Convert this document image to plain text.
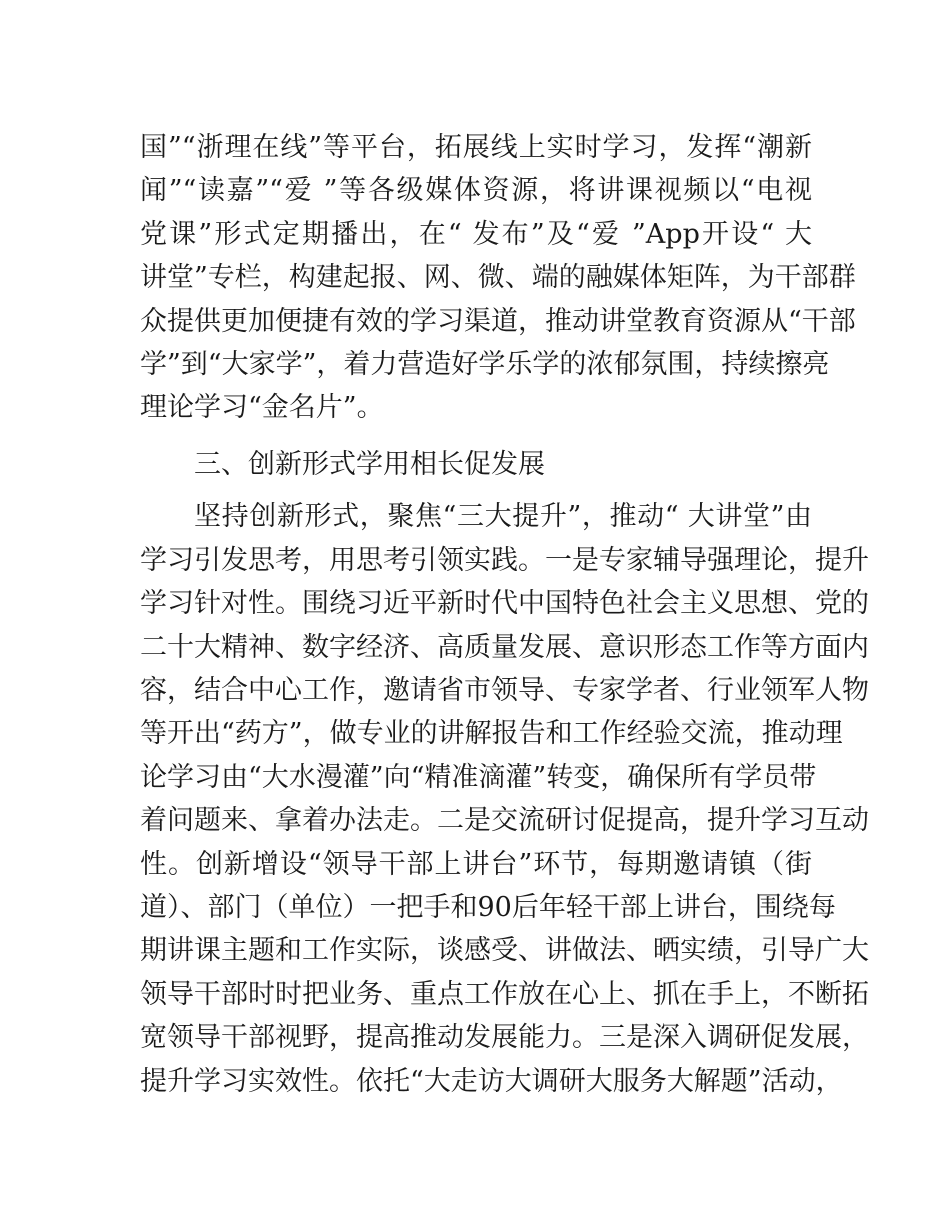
国”“浙理在线”等平台，拓展线上实时学习，发挥“潮新
闻”“读嘉”“爱 ”等各级媒体资源，将讲课视频以“电视
党课”形式定期播出，在“ 发布”及“爱 ”App开设“ 大
讲堂”专栏，构建起报、网、微、端的融媒体矩阵，为干部群
众提供更加便捷有效的学习渠道，推动讲堂教育资源从“干部
学”到“大家学”，着力营造好学乐学的浓郁氛围，持续擦亮
理论学习“金名片”。
三、创新形式学用相长促发展
坚持创新形式，聚焦“三大提升”，推动“ 大讲堂”由
学习引发思考，用思考引领实践。一是专家辅导强理论，提升
学习针对性。围绕习近平新时代中国特色社会主义思想、党的
二十大精神、数字经济、高质量发展、意识形态工作等方面内
容，结合中心工作，邀请省市领导、专家学者、行业领军人物
等开出“药方”，做专业的讲解报告和工作经验交流，推动理
论学习由“大水漫灌”向“精准滴灌”转变，确保所有学员带
着问题来、拿着办法走。二是交流研讨促提高，提升学习互动
性。创新增设“领导干部上讲台”环节，每期邀请镇（街
道）、部门（单位）一把手和90后年轻干部上讲台，围绕每
期讲课主题和工作实际，谈感受、讲做法、晒实绩，引导广大
领导干部时时把业务、重点工作放在心上、抓在手上，不断拓
宽领导干部视野，提高推动发展能力。三是深入调研促发展，
提升学习实效性。依托“大走访大调研大服务大解题”活动，
